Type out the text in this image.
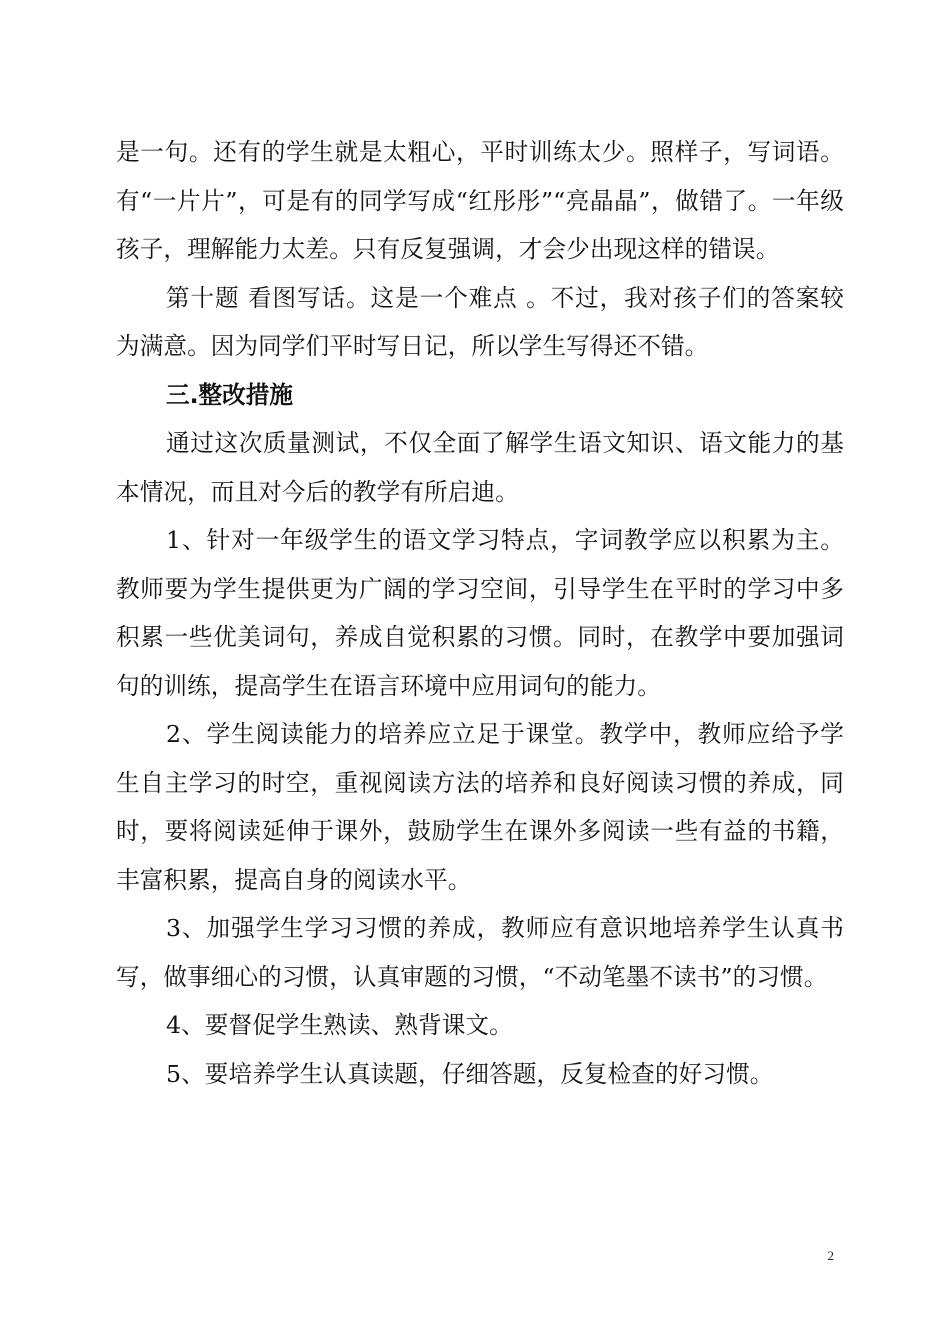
是一句。还有的学生就是太粗心，平时训练太少。照样子，写词语。有“一片片”，可是有的同学写成“红彤彤”“亮晶晶”，做错了。一年级孩子，理解能力太差。只有反复强调，才会少出现这样的错误。

第十题 看图写话。这是一个难点 。不过，我对孩子们的答案较为满意。因为同学们平时写日记，所以学生写得还不错。

三.整改措施

通过这次质量测试，不仅全面了解学生语文知识、语文能力的基本情况，而且对今后的教学有所启迪。

1、针对一年级学生的语文学习特点，字词教学应以积累为主。教师要为学生提供更为广阔的学习空间，引导学生在平时的学习中多积累一些优美词句，养成自觉积累的习惯。同时，在教学中要加强词句的训练，提高学生在语言环境中应用词句的能力。

2、学生阅读能力的培养应立足于课堂。教学中，教师应给予学生自主学习的时空，重视阅读方法的培养和良好阅读习惯的养成，同时，要将阅读延伸于课外，鼓励学生在课外多阅读一些有益的书籍，丰富积累，提高自身的阅读水平。

3、加强学生学习习惯的养成，教师应有意识地培养学生认真书写，做事细心的习惯，认真审题的习惯，“不动笔墨不读书”的习惯。

4、要督促学生熟读、熟背课文。

5、要培养学生认真读题，仔细答题，反复检查的好习惯。

2
